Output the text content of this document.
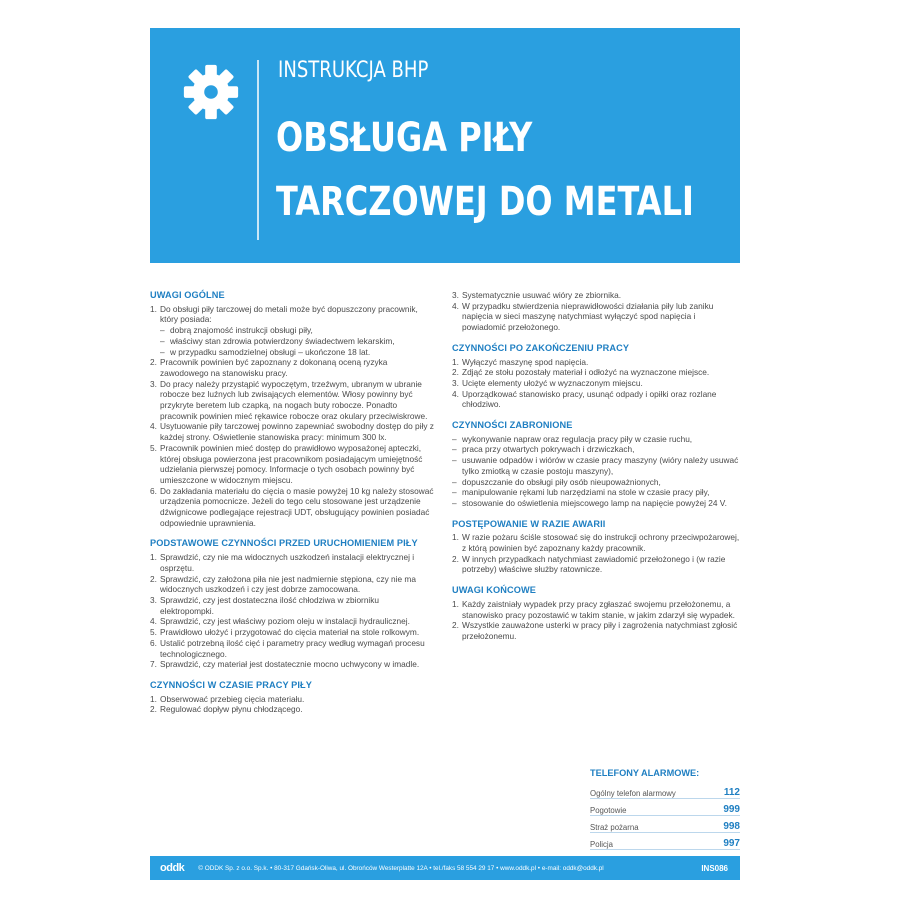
INSTRUKCJA BHP
OBSŁUGA PIŁY
TARCZOWEJ DO METALI
UWAGI OGÓLNE
1. Do obsługi piły tarczowej do metali może być dopuszczony pracownik, który posiada:
– dobrą znajomość instrukcji obsługi piły,
– właściwy stan zdrowia potwierdzony świadectwem lekarskim,
– w przypadku samodzielnej obsługi – ukończone 18 lat.
2. Pracownik powinien być zapoznany z dokonaną oceną ryzyka zawodowego na stanowisku pracy.
3. Do pracy należy przystąpić wypoczętym, trzeźwym, ubranym w ubranie robocze bez luźnych lub zwisających elementów. Włosy powinny być przykryte beretem lub czapką, na nogach buty robocze. Ponadto pracownik powinien mieć rękawice robocze oraz okulary przeciwiskrowe.
4. Usytuowanie piły tarczowej powinno zapewniać swobodny dostęp do piły z każdej strony. Oświetlenie stanowiska pracy: minimum 300 lx.
5. Pracownik powinien mieć dostęp do prawidłowo wyposażonej apteczki, której obsługa powierzona jest pracownikom posiadającym umiejętność udzielania pierwszej pomocy. Informacje o tych osobach powinny być umieszczone w widocznym miejscu.
6. Do zakładania materiału do cięcia o masie powyżej 10 kg należy stosować urządzenia pomocnicze. Jeżeli do tego celu stosowane jest urządzenie dźwignicowe podlegające rejestracji UDT, obsługujący powinien posiadać odpowiednie uprawnienia.
PODSTAWOWE CZYNNOŚCI PRZED URUCHOMIENIEM PIŁY
1. Sprawdzić, czy nie ma widocznych uszkodzeń instalacji elektrycznej i osprzętu.
2. Sprawdzić, czy założona piła nie jest nadmiernie stępiona, czy nie ma widocznych uszkodzeń i czy jest dobrze zamocowana.
3. Sprawdzić, czy jest dostateczna ilość chłodziwa w zbiorniku elektropompki.
4. Sprawdzić, czy jest właściwy poziom oleju w instalacji hydraulicznej.
5. Prawidłowo ułożyć i przygotować do cięcia materiał na stole rolkowym.
6. Ustalić potrzebną ilość cięć i parametry pracy według wymagań procesu technologicznego.
7. Sprawdzić, czy materiał jest dostatecznie mocno uchwycony w imadle.
CZYNNOŚCI W CZASIE PRACY PIŁY
1. Obserwować przebieg cięcia materiału.
2. Regulować dopływ płynu chłodzącego.
3. Systematycznie usuwać wióry ze zbiornika.
4. W przypadku stwierdzenia nieprawidłowości działania piły lub zaniku napięcia w sieci maszynę natychmiast wyłączyć spod napięcia i powiadomić przełożonego.
CZYNNOŚCI PO ZAKOŃCZENIU PRACY
1. Wyłączyć maszynę spod napięcia.
2. Zdjąć ze stołu pozostały materiał i odłożyć na wyznaczone miejsce.
3. Ucięte elementy ułożyć w wyznaczonym miejscu.
4. Uporządkować stanowisko pracy, usunąć odpady i opiłki oraz rozlane chłodziwo.
CZYNNOŚCI ZABRONIONE
– wykonywanie napraw oraz regulacja pracy piły w czasie ruchu,
– praca przy otwartych pokrywach i drzwiczkach,
– usuwanie odpadów i wiórów w czasie pracy maszyny (wióry należy usuwać tylko zmiotką w czasie postoju maszyny),
– dopuszczanie do obsługi piły osób nieupoważnionych,
– manipulowanie rękami lub narzędziami na stole w czasie pracy piły,
– stosowanie do oświetlenia miejscowego lamp na napięcie powyżej 24 V.
POSTĘPOWANIE W RAZIE AWARII
1. W razie pożaru ściśle stosować się do instrukcji ochrony przeciwpożarowej, z którą powinien być zapoznany każdy pracownik.
2. W innych przypadkach natychmiast zawiadomić przełożonego i (w razie potrzeby) właściwe służby ratownicze.
UWAGI KOŃCOWE
1. Każdy zaistniały wypadek przy pracy zgłaszać swojemu przełożonemu, a stanowisko pracy pozostawić w takim stanie, w jakim zdarzył się wypadek.
2. Wszystkie zauważone usterki w pracy piły i zagrożenia natychmiast zgłosić przełożonemu.
TELEFONY ALARMOWE:
Ogólny telefon alarmowy	112
Pogotowie	999
Straż pożarna	998
Policja	997
oddk © ODDK Sp. z o.o. Sp.k. • 80-317 Gdańsk-Oliwa, ul. Obrońców Westerplatte 12A • tel./faks 58 554 29 17 • www.oddk.pl • e-mail: oddk@oddk.pl	INS086
